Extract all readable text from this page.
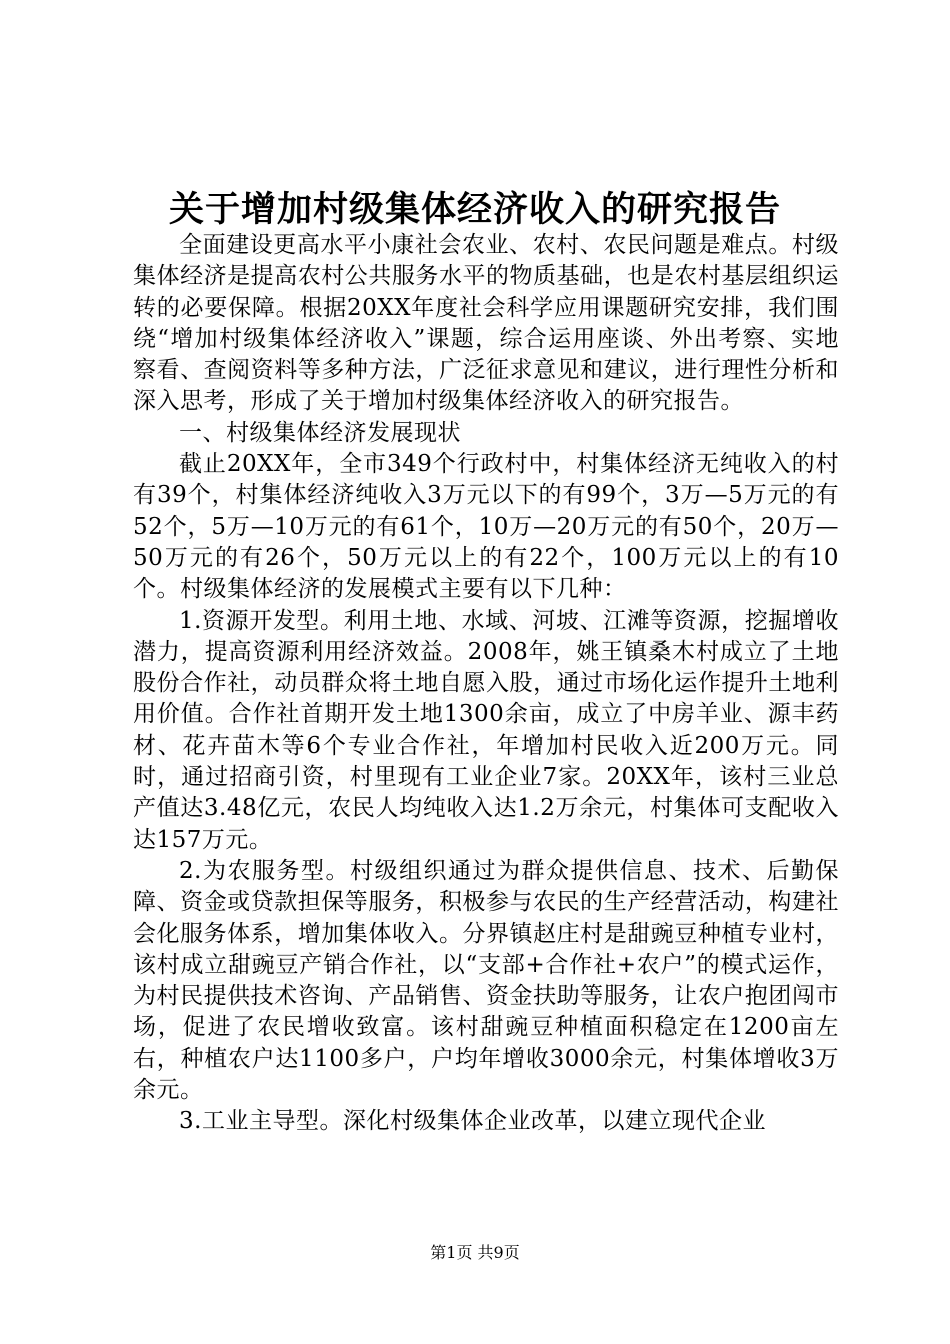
关于增加村级集体经济收入的研究报告

全面建设更高水平小康社会农业、农村、农民问题是难点。村级集体经济是提高农村公共服务水平的物质基础，也是农村基层组织运转的必要保障。根据20XX年度社会科学应用课题研究安排，我们围绕“增加村级集体经济收入”课题，综合运用座谈、外出考察、实地察看、查阅资料等多种方法，广泛征求意见和建议，进行理性分析和深入思考，形成了关于增加村级集体经济收入的研究报告。

一、村级集体经济发展现状

截止20XX年，全市349个行政村中，村集体经济无纯收入的村有39个，村集体经济纯收入3万元以下的有99个，3万—5万元的有52个，5万—10万元的有61个，10万—20万元的有50个，20万—50万元的有26个，50万元以上的有22个，100万元以上的有10个。村级集体经济的发展模式主要有以下几种：

1.资源开发型。利用土地、水域、河坡、江滩等资源，挖掘增收潜力，提高资源利用经济效益。2008年，姚王镇桑木村成立了土地股份合作社，动员群众将土地自愿入股，通过市场化运作提升土地利用价值。合作社首期开发土地1300余亩，成立了中房羊业、源丰药材、花卉苗木等6个专业合作社，年增加村民收入近200万元。同时，通过招商引资，村里现有工业企业7家。20XX年，该村三业总产值达3.48亿元，农民人均纯收入达1.2万余元，村集体可支配收入达157万元。

2.为农服务型。村级组织通过为群众提供信息、技术、后勤保障、资金或贷款担保等服务，积极参与农民的生产经营活动，构建社会化服务体系，增加集体收入。分界镇赵庄村是甜豌豆种植专业村，该村成立甜豌豆产销合作社，以“支部+合作社+农户”的模式运作，为村民提供技术咨询、产品销售、资金扶助等服务，让农户抱团闯市场，促进了农民增收致富。该村甜豌豆种植面积稳定在1200亩左右，种植农户达1100多户，户均年增收3000余元，村集体增收3万余元。

3.工业主导型。深化村级集体企业改革，以建立现代企业

第1页 共9页
